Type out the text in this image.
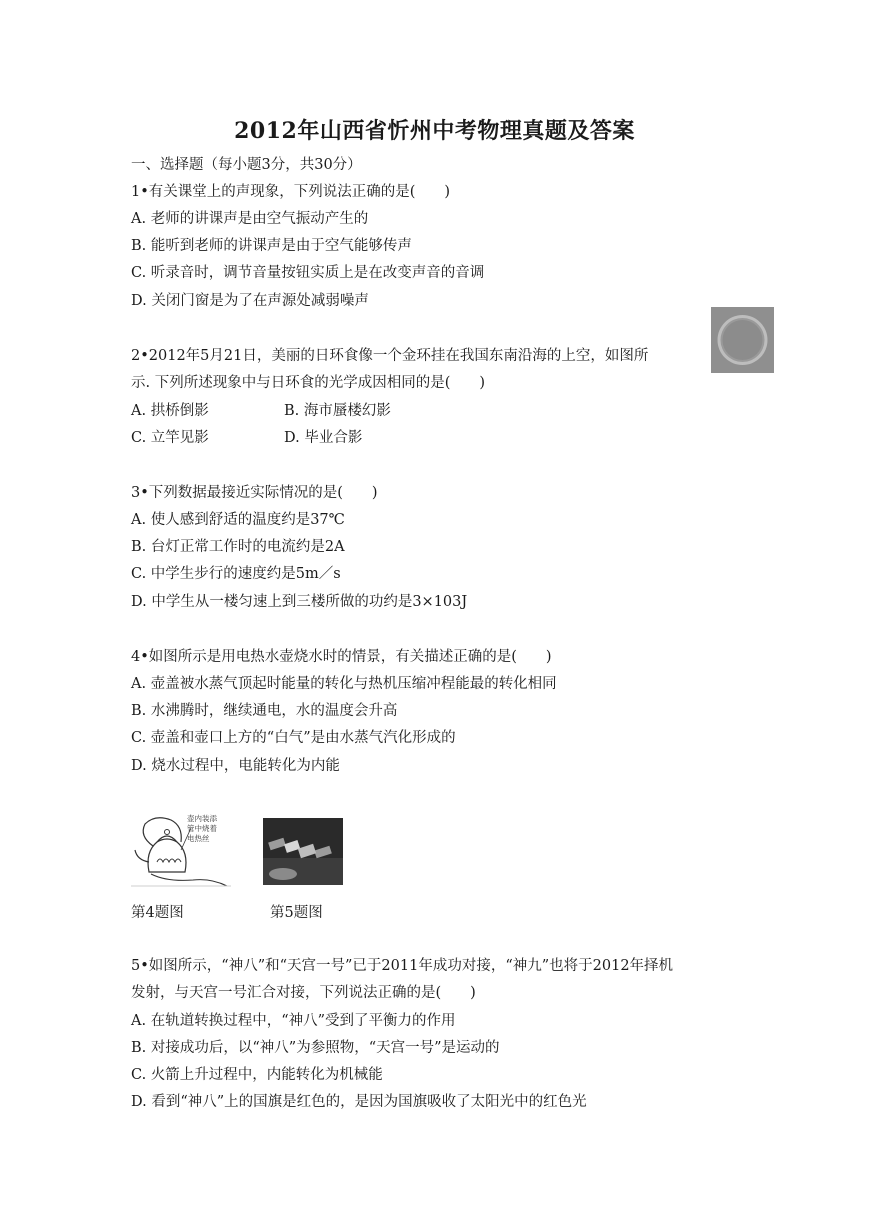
2012年山西省忻州中考物理真题及答案
一、选择题（每小题3分，共30分）
1•有关课堂上的声现象，下列说法正确的是(　　)
A. 老师的讲课声是由空气振动产生的
B. 能听到老师的讲课声是由于空气能够传声
C. 听录音时，调节音量按钮实质上是在改变声音的音调
D. 关闭门窗是为了在声源处减弱噪声
2•2012年5月21日，美丽的日环食像一个金环挂在我国东南沿海的上空，如图所
示. 下列所述现象中与日环食的光学成因相同的是(　　)
A. 拱桥倒影	B. 海市蜃楼幻影
C. 立竿见影	D. 毕业合影
3•下列数据最接近实际情况的是(　　)
A. 使人感到舒适的温度约是37℃
B. 台灯正常工作时的电流约是2A
C. 中学生步行的速度约是5m／s
D. 中学生从一楼匀速上到三楼所做的功约是3×103J
4•如图所示是用电热水壶烧水时的情景，有关描述正确的是(　　)
A. 壶盖被水蒸气顶起时能量的转化与热机压缩冲程能最的转化相同
B. 水沸腾时，继续通电，水的温度会升高
C. 壶盖和壶口上方的“白气”是由水蒸气汽化形成的
D. 烧水过程中，电能转化为内能
壶内装添
管中烧着
电热丝
第4题图	第5题图
5•如图所示，“神八”和“天宫一号”已于2011年成功对接，“神九”也将于2012年择机
发射，与天宫一号汇合对接，下列说法正确的是(　　)
A. 在轨道转换过程中，“神八”受到了平衡力的作用
B. 对接成功后，以“神八”为参照物，“天宫一号”是运动的
C. 火箭上升过程中，内能转化为机械能
D. 看到“神八”上的国旗是红色的，是因为国旗吸收了太阳光中的红色光
